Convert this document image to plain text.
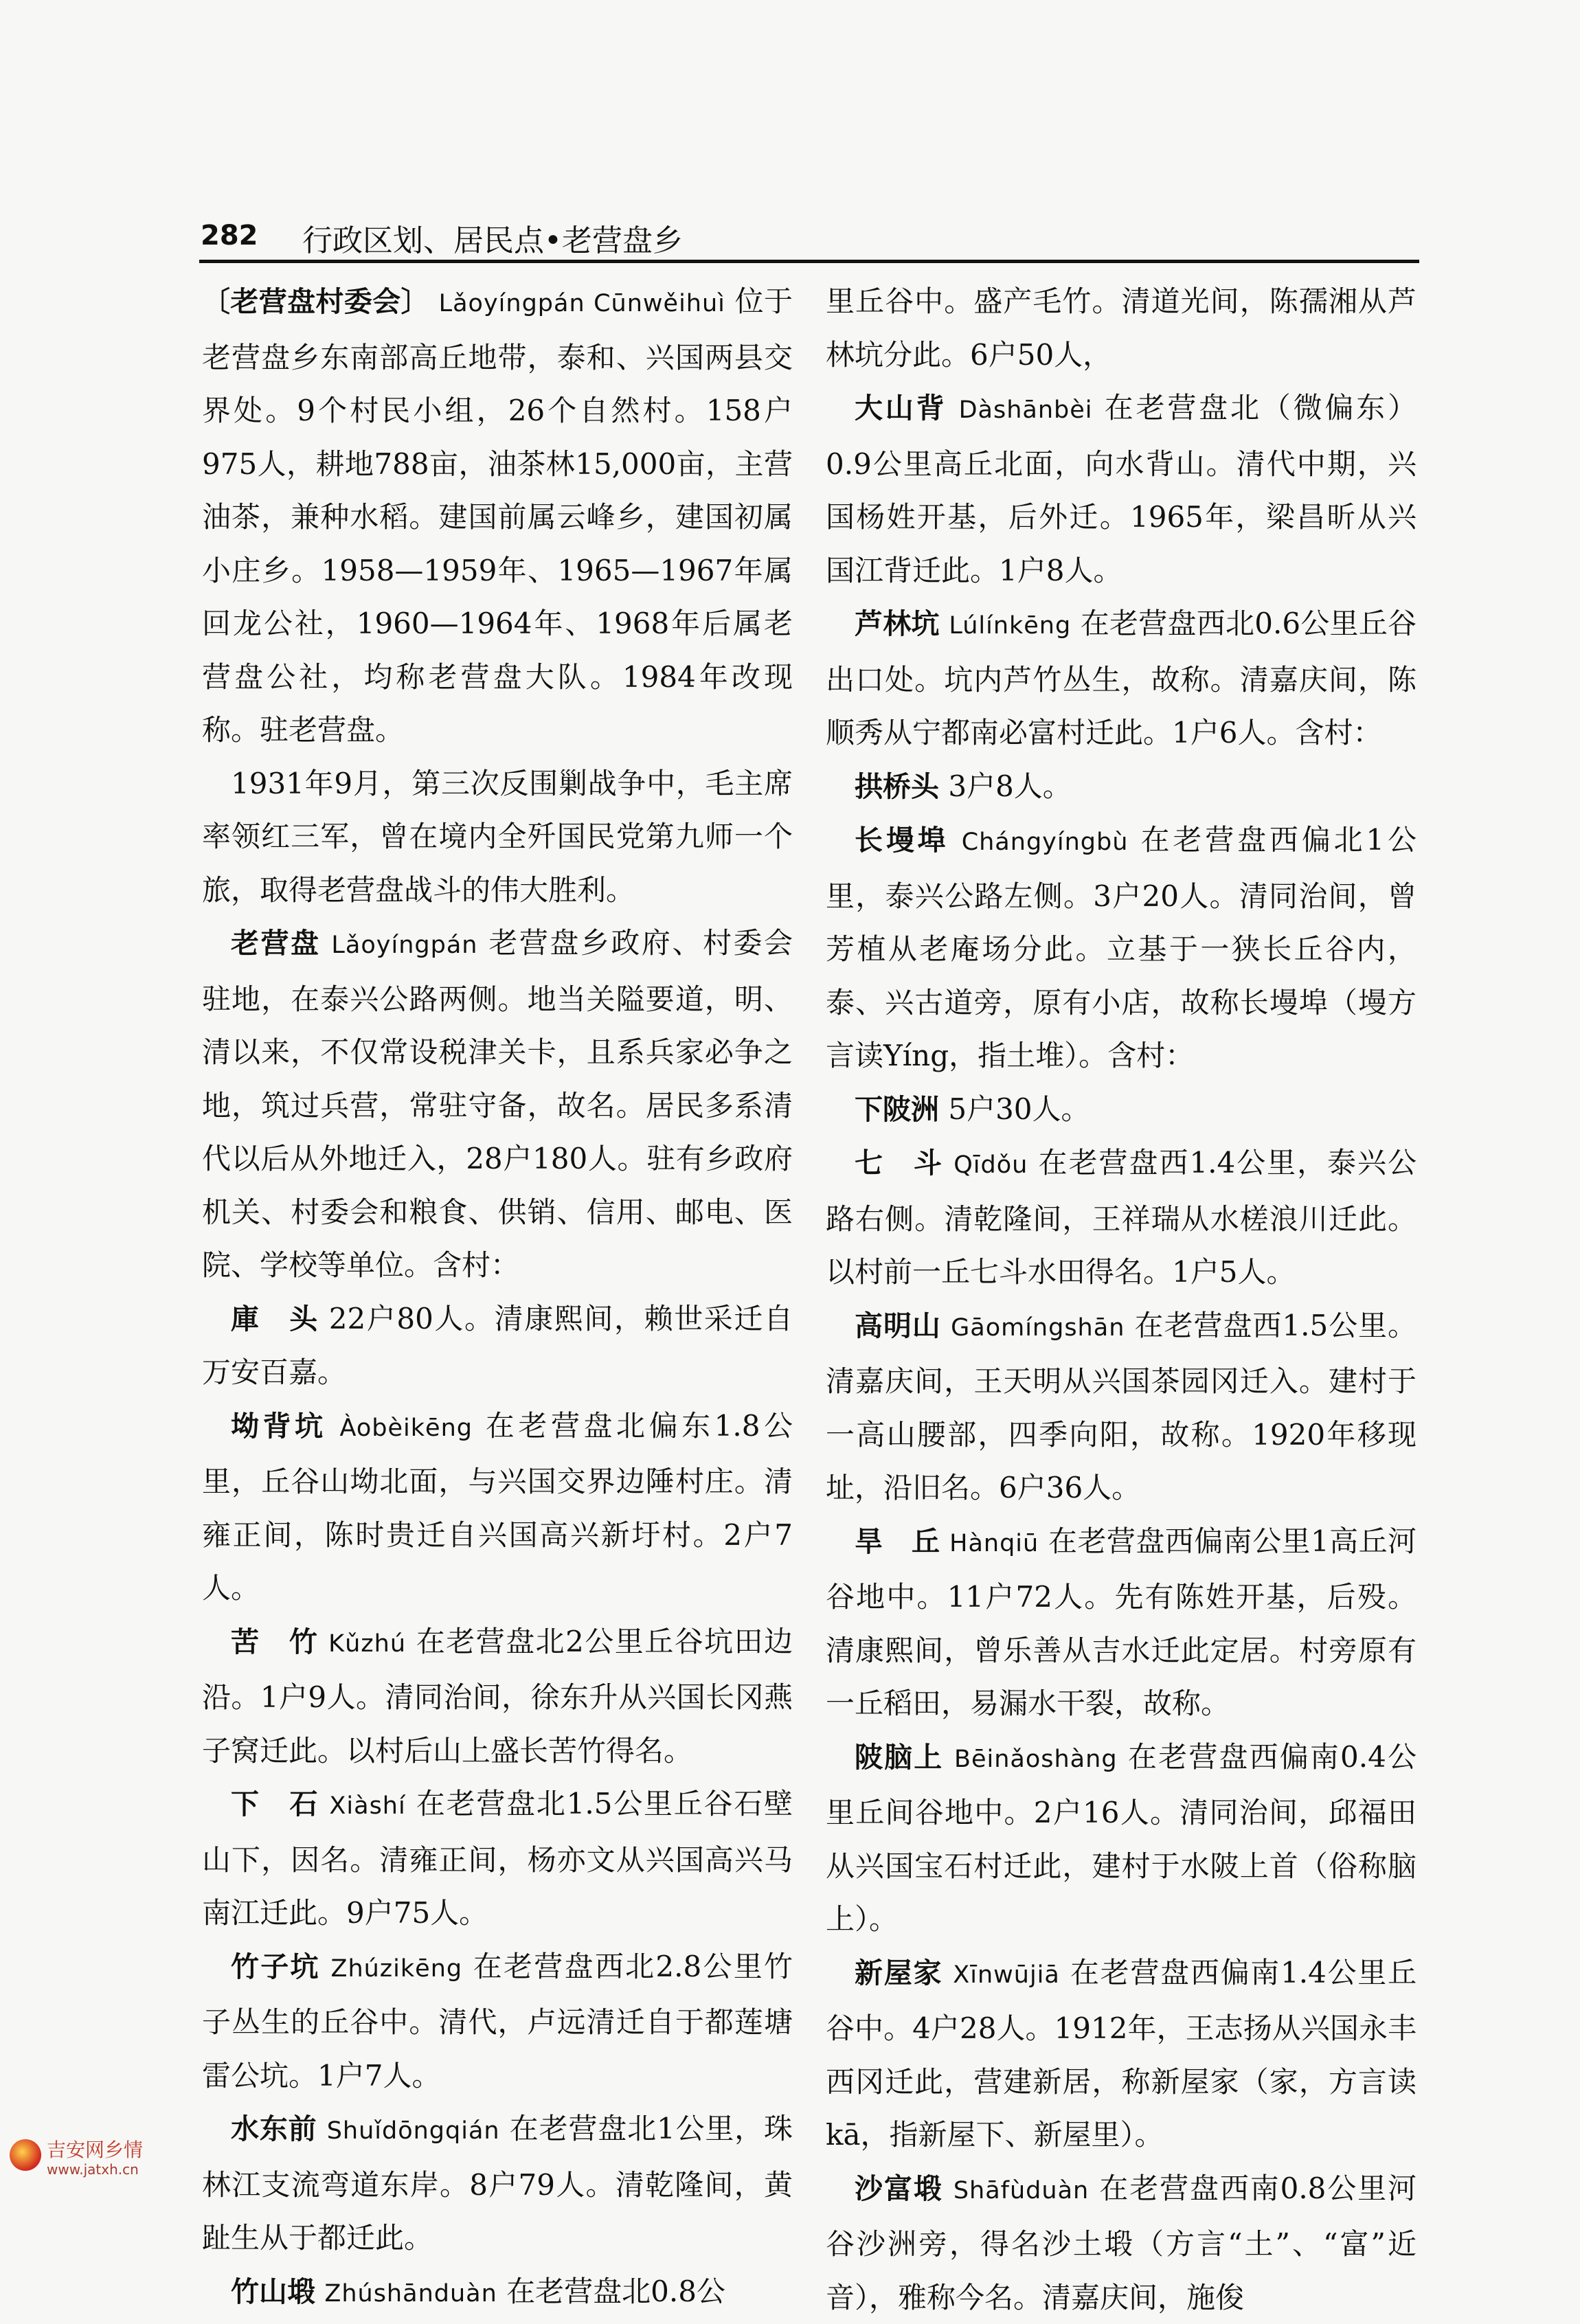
282 行政区划、居民点•老营盘乡

〔老营盘村委会〕 Lǎoyíngpán Cūnwěihuì 位于老营盘乡东南部高丘地带，泰和、兴国两县交界处。9个村民小组，26个自然村。158户975人，耕地788亩，油茶林15,000亩，主营油茶，兼种水稻。建国前属云峰乡，建国初属小庄乡。1958—1959年、1965—1967年属回龙公社，1960—1964年、1968年后属老营盘公社，均称老营盘大队。1984年改现称。驻老营盘。

1931年9月，第三次反围剿战争中，毛主席率领红三军，曾在境内全歼国民党第九师一个旅，取得老营盘战斗的伟大胜利。

老营盘 Lǎoyíngpán 老营盘乡政府、村委会驻地，在泰兴公路两侧。地当关隘要道，明、清以来，不仅常设税津关卡，且系兵家必争之地，筑过兵营，常驻守备，故名。居民多系清代以后从外地迁入，28户180人。驻有乡政府机关、村委会和粮食、供销、信用、邮电、医院、学校等单位。含村：

庫　头 22户80人。清康熙间，赖世采迁自万安百嘉。

坳背坑 Àobèikēng 在老营盘北偏东1.8公里，丘谷山坳北面，与兴国交界边陲村庄。清雍正间，陈时贵迁自兴国高兴新圩村。2户7人。

苦　竹 Kǔzhú 在老营盘北2公里丘谷坑田边沿。1户9人。清同治间，徐东升从兴国长冈燕子窝迁此。以村后山上盛长苦竹得名。

下　石 Xiàshí 在老营盘北1.5公里丘谷石壁山下，因名。清雍正间，杨亦文从兴国高兴马南江迁此。9户75人。

竹子坑 Zhúzikēng 在老营盘西北2.8公里竹子丛生的丘谷中。清代，卢远清迁自于都莲塘雷公坑。1户7人。

水东前 Shuǐdōngqián 在老营盘北1公里，珠林江支流弯道东岸。8户79人。清乾隆间，黄趾生从于都迁此。

竹山塅 Zhúshānduàn 在老营盘北0.8公

里丘谷中。盛产毛竹。清道光间，陈孺湘从芦林坑分此。6户50人，

大山背 Dàshānbèi 在老营盘北（微偏东）0.9公里高丘北面，向水背山。清代中期，兴国杨姓开基，后外迁。1965年，梁昌昕从兴国江背迁此。1户8人。

芦林坑 Lúlínkēng 在老营盘西北0.6公里丘谷出口处。坑内芦竹丛生，故称。清嘉庆间，陈顺秀从宁都南必富村迁此。1户6人。含村：

拱桥头 3户8人。

长墁埠 Chángyíngbù 在老营盘西偏北1公里，泰兴公路左侧。3户20人。清同治间，曾芳植从老庵场分此。立基于一狭长丘谷内，泰、兴古道旁，原有小店，故称长墁埠（墁方言读Yíng，指土堆）。含村：

下陂洲 5户30人。

七　斗 Qīdǒu 在老营盘西1.4公里，泰兴公路右侧。清乾隆间，王祥瑞从水槎浪川迁此。以村前一丘七斗水田得名。1户5人。

高明山 Gāomíngshān 在老营盘西1.5公里。清嘉庆间，王天明从兴国茶园冈迁入。建村于一高山腰部，四季向阳，故称。1920年移现址，沿旧名。6户36人。

旱　丘 Hànqiū 在老营盘西偏南公里1高丘河谷地中。11户72人。先有陈姓开基，后殁。清康熙间，曾乐善从吉水迁此定居。村旁原有一丘稻田，易漏水干裂，故称。

陂脑上 Bēinǎoshàng 在老营盘西偏南0.4公里丘间谷地中。2户16人。清同治间，邱福田从兴国宝石村迁此，建村于水陂上首（俗称脑上）。

新屋家 Xīnwūjiā 在老营盘西偏南1.4公里丘谷中。4户28人。1912年，王志扬从兴国永丰西冈迁此，营建新居，称新屋家（家，方言读kā，指新屋下、新屋里）。

沙富塅 Shāfùduàn 在老营盘西南0.8公里河谷沙洲旁，得名沙土塅（方言“土”、“富”近音），雅称今名。清嘉庆间，施俊

吉安网乡情
www.jatxh.cn
